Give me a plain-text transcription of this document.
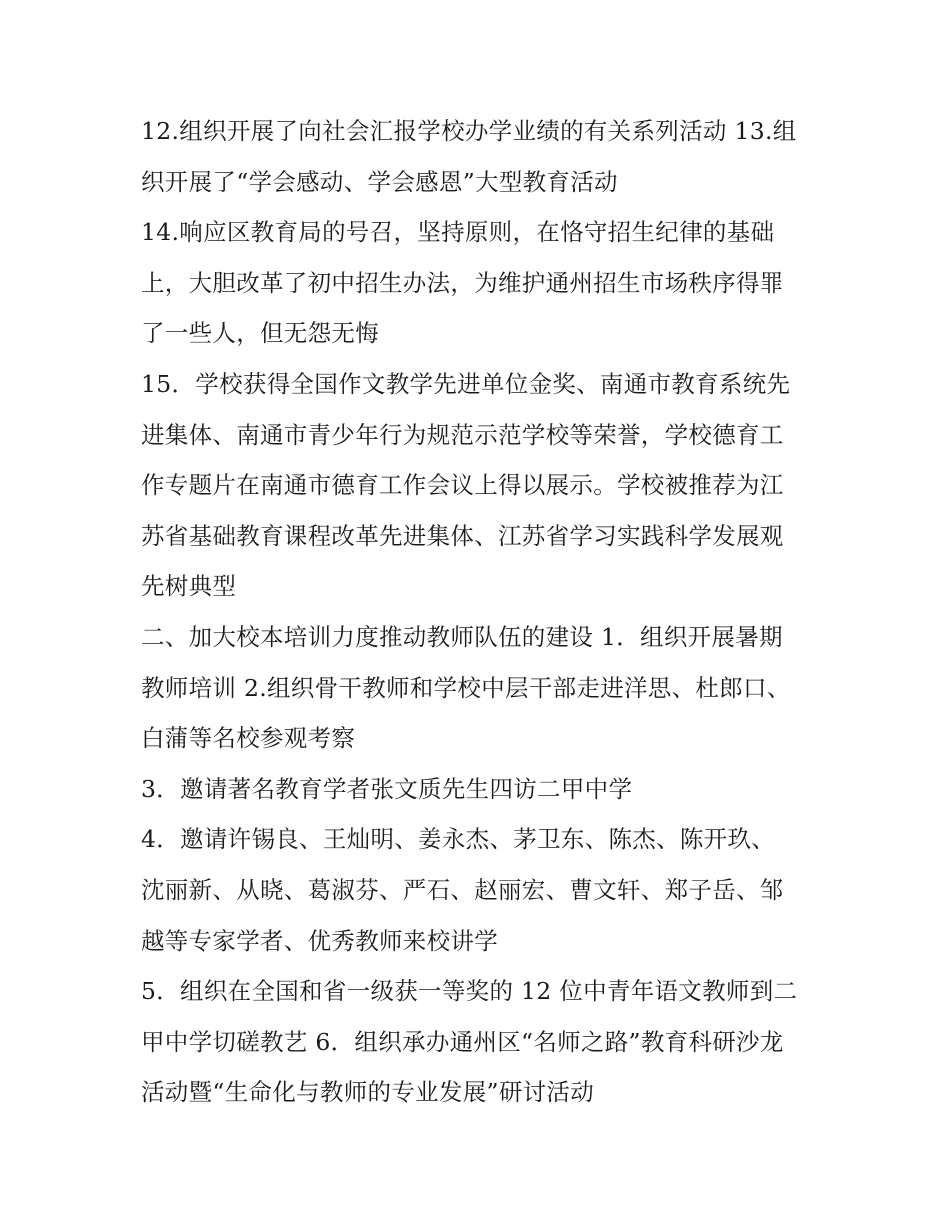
12.组织开展了向社会汇报学校办学业绩的有关系列活动 13.组
织开展了“学会感动、学会感恩”大型教育活动
14.响应区教育局的号召，坚持原则，在恪守招生纪律的基础
上，大胆改革了初中招生办法，为维护通州招生市场秩序得罪
了一些人，但无怨无悔
15．学校获得全国作文教学先进单位金奖、南通市教育系统先
进集体、南通市青少年行为规范示范学校等荣誉，学校德育工
作专题片在南通市德育工作会议上得以展示。学校被推荐为江
苏省基础教育课程改革先进集体、江苏省学习实践科学发展观
先树典型
二、加大校本培训力度推动教师队伍的建设 1．组织开展暑期
教师培训 2.组织骨干教师和学校中层干部走进洋思、杜郎口、
白蒲等名校参观考察
3．邀请著名教育学者张文质先生四访二甲中学
4．邀请许锡良、王灿明、姜永杰、茅卫东、陈杰、陈开玖、
沈丽新、从晓、葛淑芬、严石、赵丽宏、曹文轩、郑子岳、邹
越等专家学者、优秀教师来校讲学
5．组织在全国和省一级获一等奖的 12 位中青年语文教师到二
甲中学切磋教艺 6．组织承办通州区“名师之路”教育科研沙龙
活动暨“生命化与教师的专业发展”研讨活动
